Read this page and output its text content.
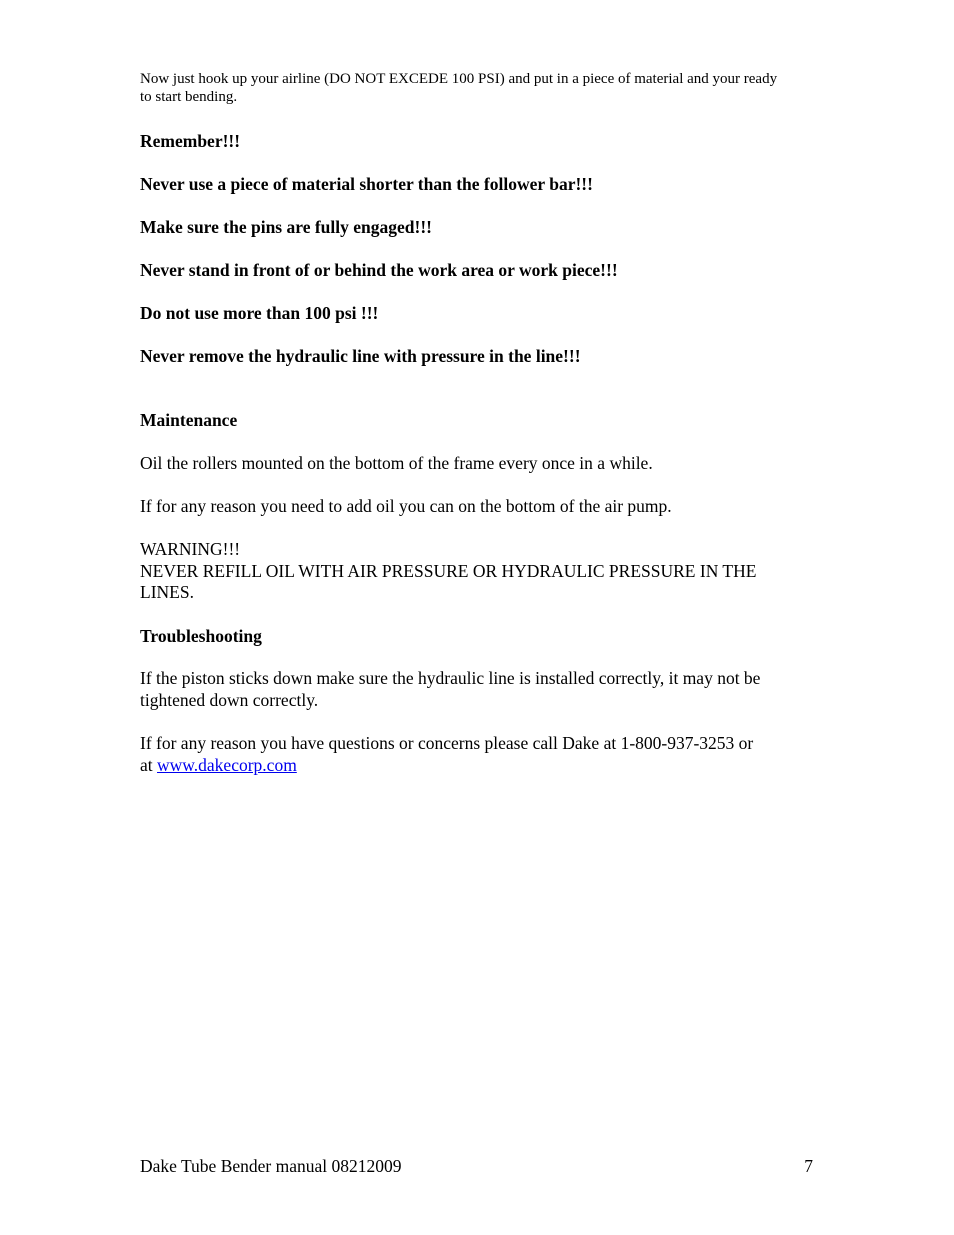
Now just hook up your airline (DO NOT EXCEDE 100 PSI) and put in a piece of material and your ready
to start bending.

Remember!!!

Never use a piece of material shorter than the follower bar!!!

Make sure the pins are fully engaged!!!

Never stand in front of or behind the work area or work piece!!!

Do not use more than 100 psi !!!

Never remove the hydraulic line with pressure in the line!!!

Maintenance

Oil the rollers mounted on the bottom of the frame every once in a while.

If for any reason you need to add oil you can on the bottom of the air pump.

WARNING!!!
NEVER REFILL OIL WITH AIR PRESSURE OR HYDRAULIC PRESSURE IN THE
LINES.

Troubleshooting

If the piston sticks down make sure the hydraulic line is installed correctly, it may not be
tightened down correctly.

If for any reason you have questions or concerns please call Dake at 1-800-937-3253 or
at www.dakecorp.com

Dake Tube Bender manual 08212009	7
